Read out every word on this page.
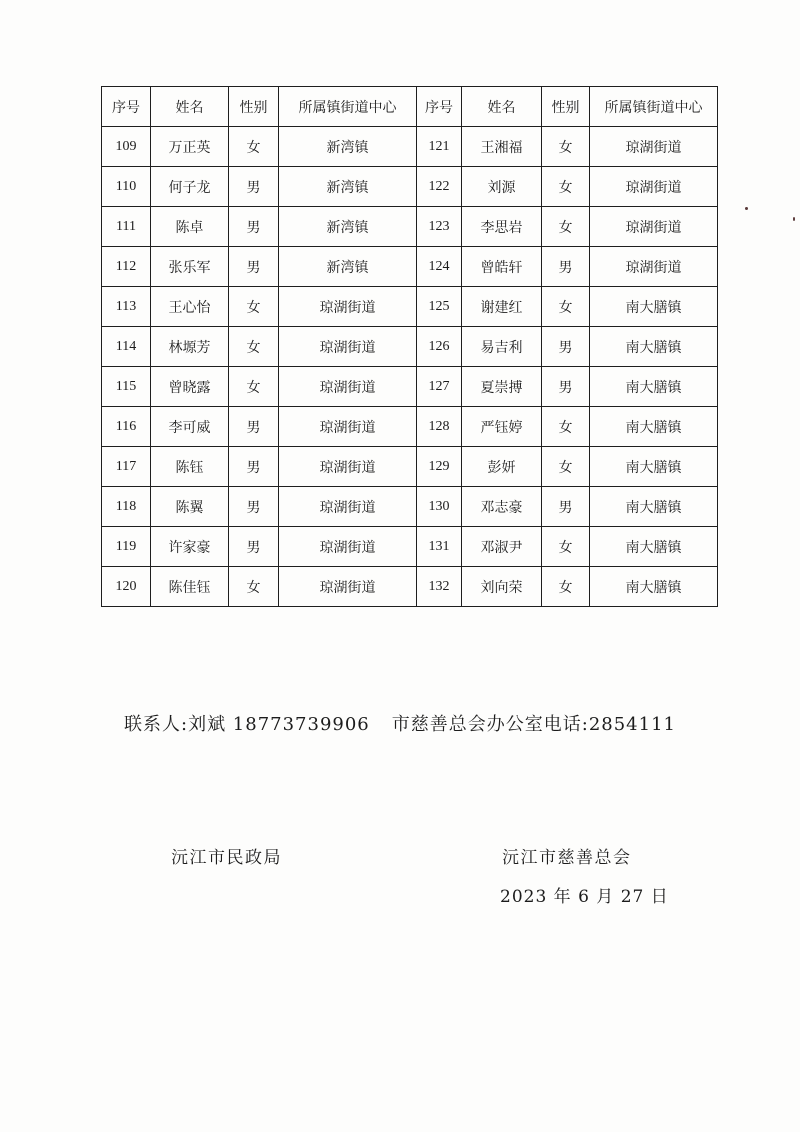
序号	姓名	性别	所属镇街道中心	序号	姓名	性别	所属镇街道中心
109	万正英	女	新湾镇	121	王湘福	女	琼湖街道
110	何子龙	男	新湾镇	122	刘源	女	琼湖街道
111	陈卓	男	新湾镇	123	李思岩	女	琼湖街道
112	张乐军	男	新湾镇	124	曾皓轩	男	琼湖街道
113	王心怡	女	琼湖街道	125	谢建红	女	南大膳镇
114	林塬芳	女	琼湖街道	126	易吉利	男	南大膳镇
115	曾晓露	女	琼湖街道	127	夏崇搏	男	南大膳镇
116	李可威	男	琼湖街道	128	严钰婷	女	南大膳镇
117	陈钰	男	琼湖街道	129	彭妍	女	南大膳镇
118	陈翼	男	琼湖街道	130	邓志豪	男	南大膳镇
119	许家豪	男	琼湖街道	131	邓淑尹	女	南大膳镇
120	陈佳钰	女	琼湖街道	132	刘向荣	女	南大膳镇
联系人:刘斌 18773739906 市慈善总会办公室电话:2854111
沅江市民政局	沅江市慈善总会
2023 年 6 月 27 日
